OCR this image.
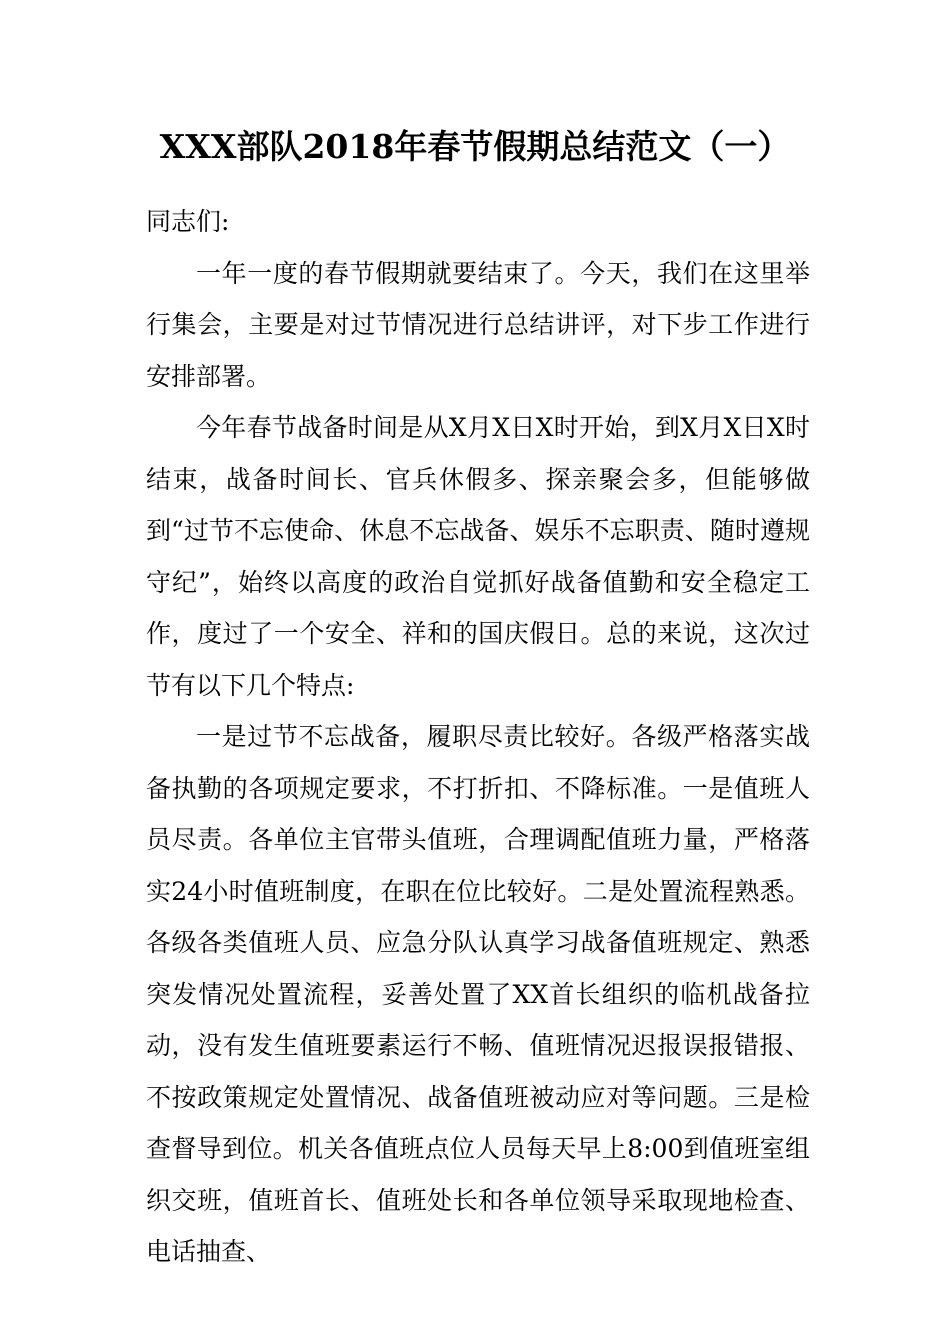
XXX部队2018年春节假期总结范文（一）

同志们:

一年一度的春节假期就要结束了。今天，我们在这里举行集会，主要是对过节情况进行总结讲评，对下步工作进行安排部署。

今年春节战备时间是从X月X日X时开始，到X月X日X时结束，战备时间长、官兵休假多、探亲聚会多，但能够做到“过节不忘使命、休息不忘战备、娱乐不忘职责、随时遵规守纪”，始终以高度的政治自觉抓好战备值勤和安全稳定工作，度过了一个安全、祥和的国庆假日。总的来说，这次过节有以下几个特点:

一是过节不忘战备，履职尽责比较好。各级严格落实战备执勤的各项规定要求，不打折扣、不降标准。一是值班人员尽责。各单位主官带头值班，合理调配值班力量，严格落实24小时值班制度，在职在位比较好。二是处置流程熟悉。各级各类值班人员、应急分队认真学习战备值班规定、熟悉突发情况处置流程，妥善处置了XX首长组织的临机战备拉动，没有发生值班要素运行不畅、值班情况迟报误报错报、不按政策规定处置情况、战备值班被动应对等问题。三是检查督导到位。机关各值班点位人员每天早上8:00到值班室组织交班，值班首长、值班处长和各单位领导采取现地检查、电话抽查、
